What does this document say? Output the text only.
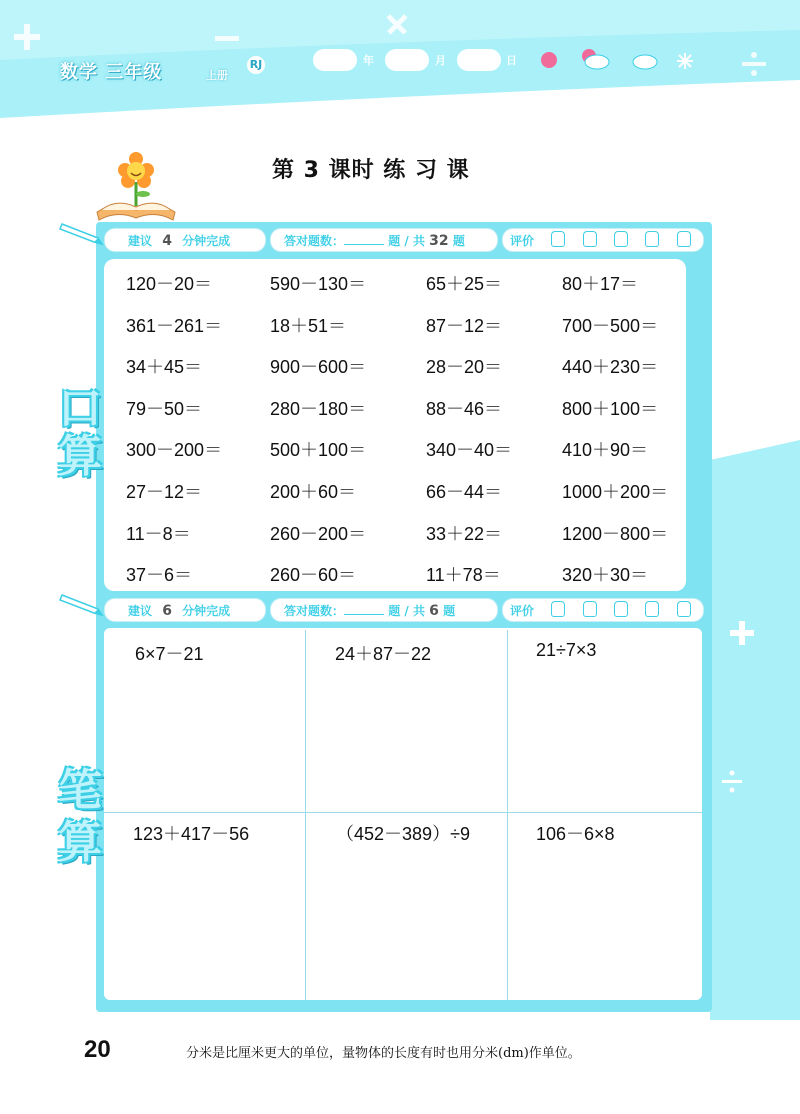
数学 三年级	上册
RJ	年	月	日
第 3 课时 练 习 课
建议 4 分钟完成	答对题数：	题 / 共 32 题	评价
口
算
120－20＝	590－130＝	65＋25＝	80＋17＝
361－261＝	18＋51＝	87－12＝	700－500＝
34＋45＝	900－600＝	28－20＝	440＋230＝
79－50＝	280－180＝	88－46＝	800＋100＝
300－200＝	500＋100＝	340－40＝	410＋90＝
27－12＝	200＋60＝	66－44＝	1000＋200＝
11－8＝	260－200＝	33＋22＝	1200－800＝
37－6＝	260－60＝	11＋78＝	320＋30＝
建议 6 分钟完成	答对题数：	题 / 共 6 题	评价
笔
算
6×7－21	24＋87－22	21÷7×3
123＋417－56	（452－389）÷9	106－6×8
20	分米是比厘米更大的单位，量物体的长度有时也用分米(dm)作单位。
